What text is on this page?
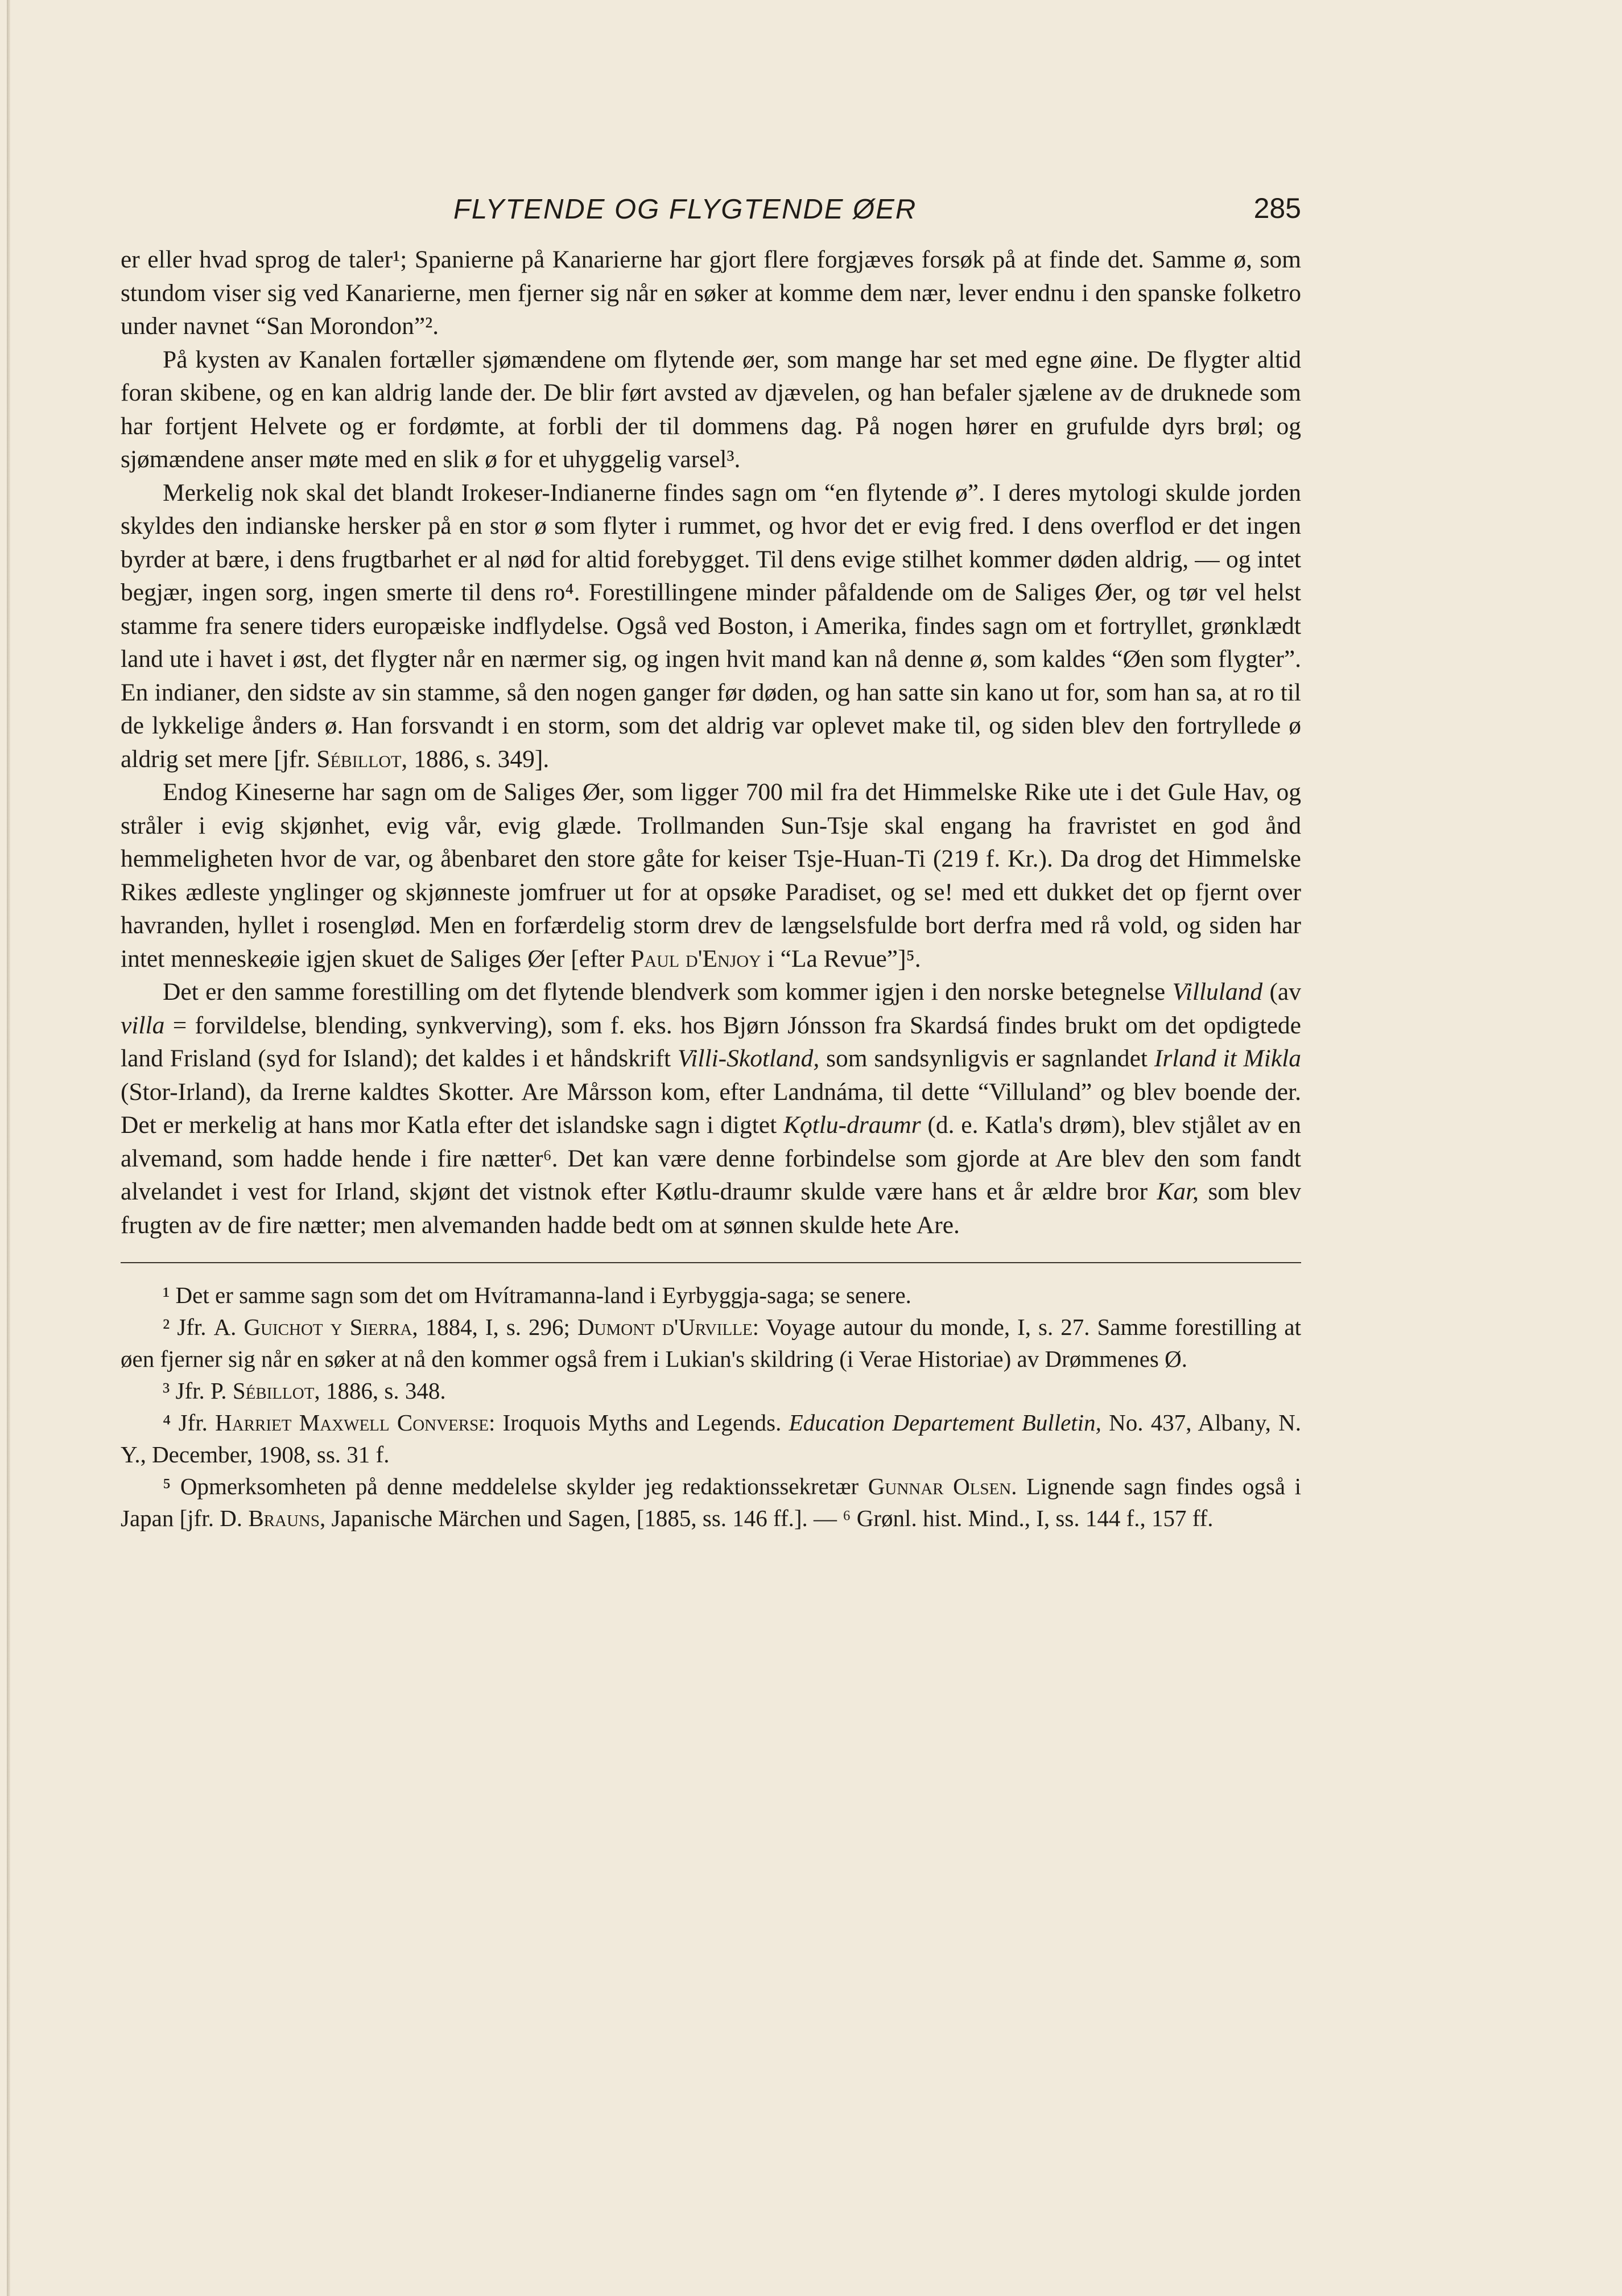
FLYTENDE OG FLYGTENDE ØER	285

er eller hvad sprog de taler¹; Spanierne på Kanarierne har gjort flere forgjæves forsøk på at finde det. Samme ø, som stundom viser sig ved Kanarierne, men fjerner sig når en søker at komme dem nær, lever endnu i den spanske folketro under navnet “San Morondon”².

På kysten av Kanalen fortæller sjømændene om flytende øer, som mange har set med egne øine. De flygter altid foran skibene, og en kan aldrig lande der. De blir ført avsted av djævelen, og han befaler sjælene av de druknede som har fortjent Helvete og er fordømte, at forbli der til dommens dag. På nogen hører en grufulde dyrs brøl; og sjømændene anser møte med en slik ø for et uhyggelig varsel³.

Merkelig nok skal det blandt Irokeser-Indianerne findes sagn om “en flytende ø”. I deres mytologi skulde jorden skyldes den indianske hersker på en stor ø som flyter i rummet, og hvor det er evig fred. I dens overflod er det ingen byrder at bære, i dens frugtbarhet er al nød for altid forebygget. Til dens evige stilhet kommer døden aldrig, — og intet begjær, ingen sorg, ingen smerte til dens ro⁴. Forestillingene minder påfaldende om de Saliges Øer, og tør vel helst stamme fra senere tiders europæiske indflydelse. Også ved Boston, i Amerika, findes sagn om et fortryllet, grønklædt land ute i havet i øst, det flygter når en nærmer sig, og ingen hvit mand kan nå denne ø, som kaldes “Øen som flygter”. En indianer, den sidste av sin stamme, så den nogen ganger før døden, og han satte sin kano ut for, som han sa, at ro til de lykkelige ånders ø. Han forsvandt i en storm, som det aldrig var oplevet make til, og siden blev den fortryllede ø aldrig set mere [jfr. Sébillot, 1886, s. 349].

Endog Kineserne har sagn om de Saliges Øer, som ligger 700 mil fra det Himmelske Rike ute i det Gule Hav, og stråler i evig skjønhet, evig vår, evig glæde. Trollmanden Sun-Tsje skal engang ha fravristet en god ånd hemmeligheten hvor de var, og åbenbaret den store gåte for keiser Tsje-Huan-Ti (219 f. Kr.). Da drog det Himmelske Rikes ædleste ynglinger og skjønneste jomfruer ut for at opsøke Paradiset, og se! med ett dukket det op fjernt over havranden, hyllet i rosenglød. Men en forfærdelig storm drev de længselsfulde bort derfra med rå vold, og siden har intet menneskeøie igjen skuet de Saliges Øer [efter Paul d'Enjoy i “La Revue”]⁵.

Det er den samme forestilling om det flytende blendverk som kommer igjen i den norske betegnelse Villuland (av villa = forvildelse, blending, synkverving), som f. eks. hos Bjørn Jónsson fra Skardsá findes brukt om det opdigtede land Frisland (syd for Island); det kaldes i et håndskrift Villi-Skotland, som sandsynligvis er sagnlandet Irland it Mikla (Stor-Irland), da Irerne kaldtes Skotter. Are Mårsson kom, efter Landnáma, til dette “Villuland” og blev boende der. Det er merkelig at hans mor Katla efter det islandske sagn i digtet Kǫtlu-draumr (d. e. Katla's drøm), blev stjålet av en alvemand, som hadde hende i fire nætter⁶. Det kan være denne forbindelse som gjorde at Are blev den som fandt alvelandet i vest for Irland, skjønt det vistnok efter Køtlu-draumr skulde være hans et år ældre bror Kar, som blev frugten av de fire nætter; men alvemanden hadde bedt om at sønnen skulde hete Are.

¹ Det er samme sagn som det om Hvítramanna-land i Eyrbyggja-saga; se senere.

² Jfr. A. Guichot y Sierra, 1884, I, s. 296; Dumont d'Urville: Voyage autour du monde, I, s. 27. Samme forestilling at øen fjerner sig når en søker at nå den kommer også frem i Lukian's skildring (i Verae Historiae) av Drømmenes Ø.

³ Jfr. P. Sébillot, 1886, s. 348.

⁴ Jfr. Harriet Maxwell Converse: Iroquois Myths and Legends. Education Departement Bulletin, No. 437, Albany, N. Y., December, 1908, ss. 31 f.

⁵ Opmerksomheten på denne meddelelse skylder jeg redaktionssekretær Gunnar Olsen. Lignende sagn findes også i Japan [jfr. D. Brauns, Japanische Märchen und Sagen, [1885, ss. 146 ff.]. — ⁶ Grønl. hist. Mind., I, ss. 144 f., 157 ff.
